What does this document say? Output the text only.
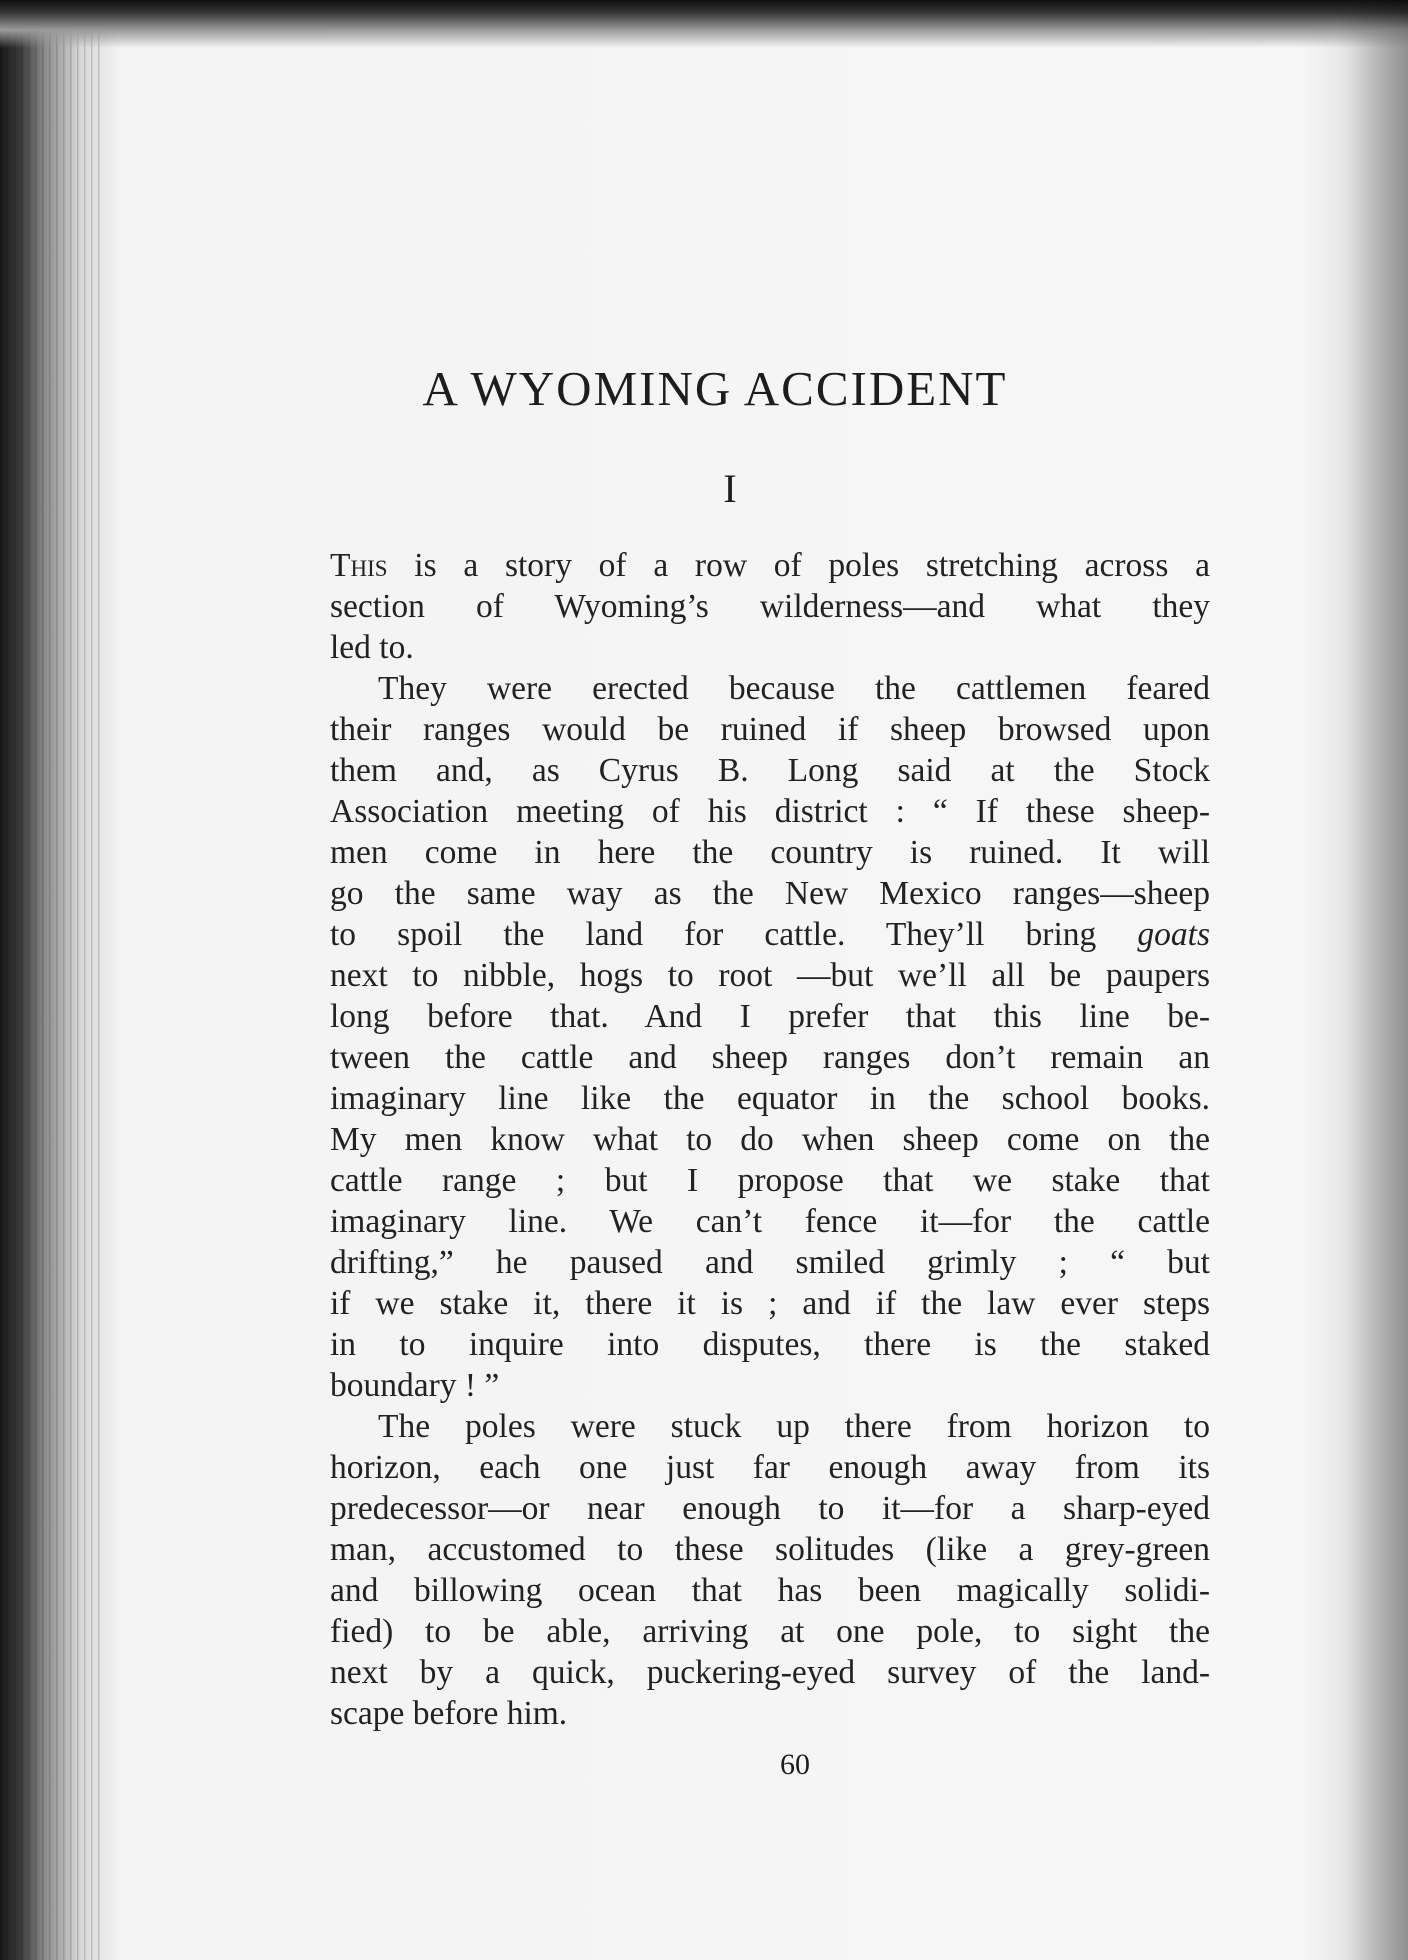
A WYOMING ACCIDENT
I
This is a story of a row of poles stretching across a
section of Wyoming’s wilderness—and what they
led to.
They were erected because the cattlemen feared
their ranges would be ruined if sheep browsed upon
them and, as Cyrus B. Long said at the Stock
Association meeting of his district : “ If these sheep-
men come in here the country is ruined. It will
go the same way as the New Mexico ranges—sheep
to spoil the land for cattle. They’ll bring goats
next to nibble, hogs to root —but we’ll all be paupers
long before that. And I prefer that this line be-
tween the cattle and sheep ranges don’t remain an
imaginary line like the equator in the school books.
My men know what to do when sheep come on the
cattle range ; but I propose that we stake that
imaginary line. We can’t fence it—for the cattle
drifting,” he paused and smiled grimly ; “ but
if we stake it, there it is ; and if the law ever steps
in to inquire into disputes, there is the staked
boundary ! ”
The poles were stuck up there from horizon to
horizon, each one just far enough away from its
predecessor—or near enough to it—for a sharp-eyed
man, accustomed to these solitudes (like a grey-green
and billowing ocean that has been magically solidi-
fied) to be able, arriving at one pole, to sight the
next by a quick, puckering-eyed survey of the land-
scape before him.
60
